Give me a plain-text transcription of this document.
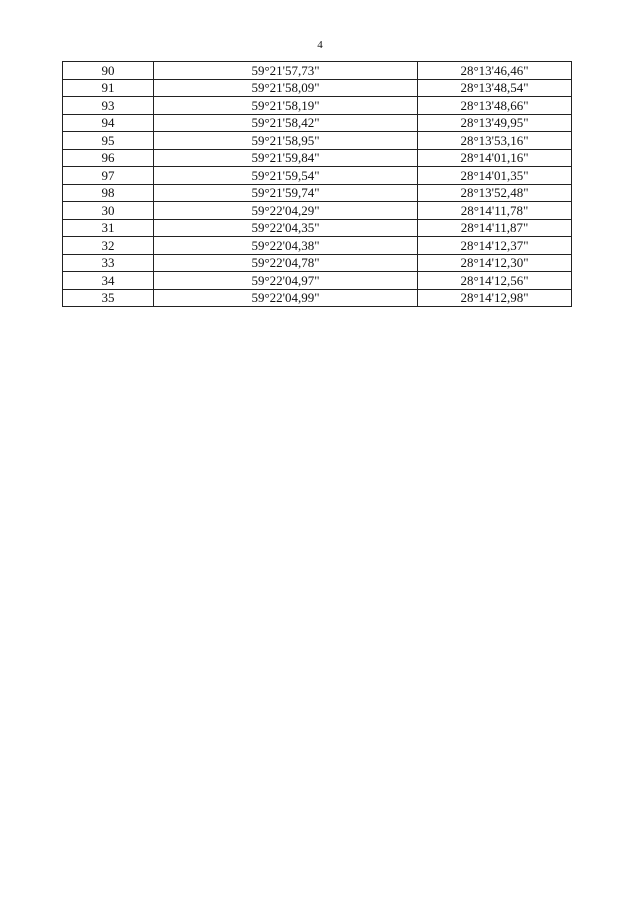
4
90	59°21'57,73"	28°13'46,46"
91	59°21'58,09"	28°13'48,54"
93	59°21'58,19"	28°13'48,66"
94	59°21'58,42"	28°13'49,95"
95	59°21'58,95"	28°13'53,16"
96	59°21'59,84"	28°14'01,16"
97	59°21'59,54"	28°14'01,35"
98	59°21'59,74"	28°13'52,48"
30	59°22'04,29"	28°14'11,78"
31	59°22'04,35"	28°14'11,87"
32	59°22'04,38"	28°14'12,37"
33	59°22'04,78"	28°14'12,30"
34	59°22'04,97"	28°14'12,56"
35	59°22'04,99"	28°14'12,98"
